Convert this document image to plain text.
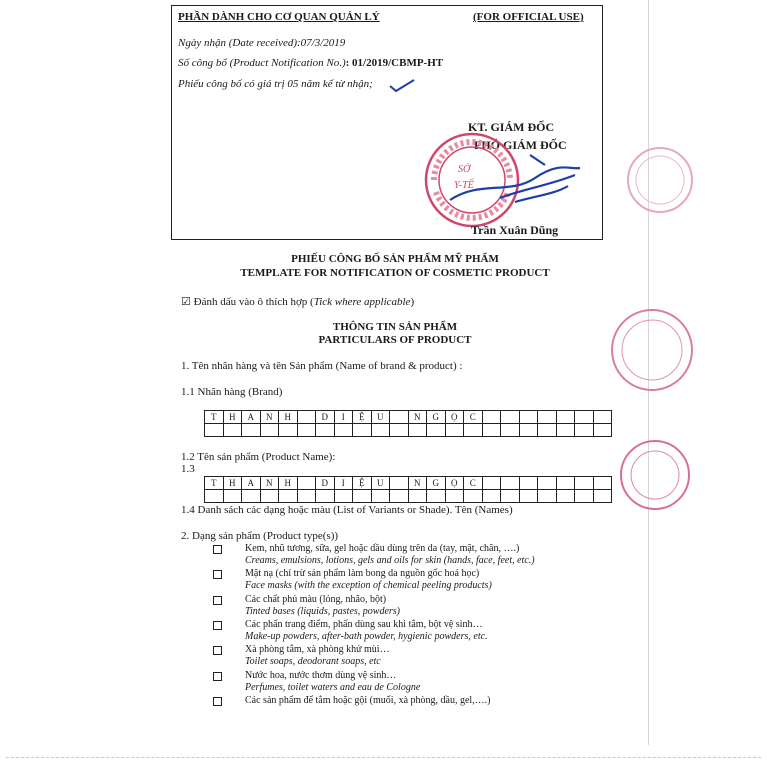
PHẦN DÀNH CHO CƠ QUAN QUẢN LÝ	(FOR OFFICIAL USE)
Ngày nhận (Date received):07/3/2019
Số công bố (Product Notification No.): 01/2019/CBMP-HT
Phiếu công bố có giá trị 05 năm kể từ nhận;
KT. GIÁM ĐỐC
PHÓ GIÁM ĐỐC
SỞ
Y-TẾ
Trần Xuân Dũng
PHIẾU CÔNG BỐ SẢN PHẨM MỸ PHẨM
TEMPLATE FOR NOTIFICATION OF COSMETIC PRODUCT
☑ Đánh dấu vào ô thích hợp (Tick where applicable)
THÔNG TIN SẢN PHẨM
PARTICULARS OF PRODUCT
1. Tên nhãn hàng và tên Sản phẩm (Name of brand & product) :
1.1 Nhãn hàng (Brand)
T	H	A	N	H	D	I	Ệ	U	N	G	Ọ	C
1.2 Tên sản phẩm (Product Name):
1.3
T	H	A	N	H	D	I	Ệ	U	N	G	Ọ	C
1.4 Danh sách các dạng hoặc màu (List of Variants or Shade). Tên (Names)
2. Dạng sản phẩm (Product type(s))
Kem, nhũ tương, sữa, gel hoặc dầu dùng trên da (tay, mặt, chân, ….)
Creams, emulsions, lotions, gels and oils for skin (hands, face, feet, etc.)
Mặt nạ (chỉ trừ sản phẩm làm bong da nguồn gốc hoá học)
Face masks (with the exception of chemical peeling products)
Các chất phủ màu (lỏng, nhão, bột)
Tinted bases (liquids, pastes, powders)
Các phấn trang điểm, phấn dùng sau khi tắm, bột vệ sinh…
Make-up powders, after-bath powder, hygienic powders, etc.
Xà phòng tắm, xà phòng khử mùi…
Toilet soaps, deodorant soaps, etc
Nước hoa, nước thơm dùng vệ sinh…
Perfumes, toilet waters and eau de Cologne
Các sản phẩm để tắm hoặc gội (muối, xà phòng, dầu, gel,….)
